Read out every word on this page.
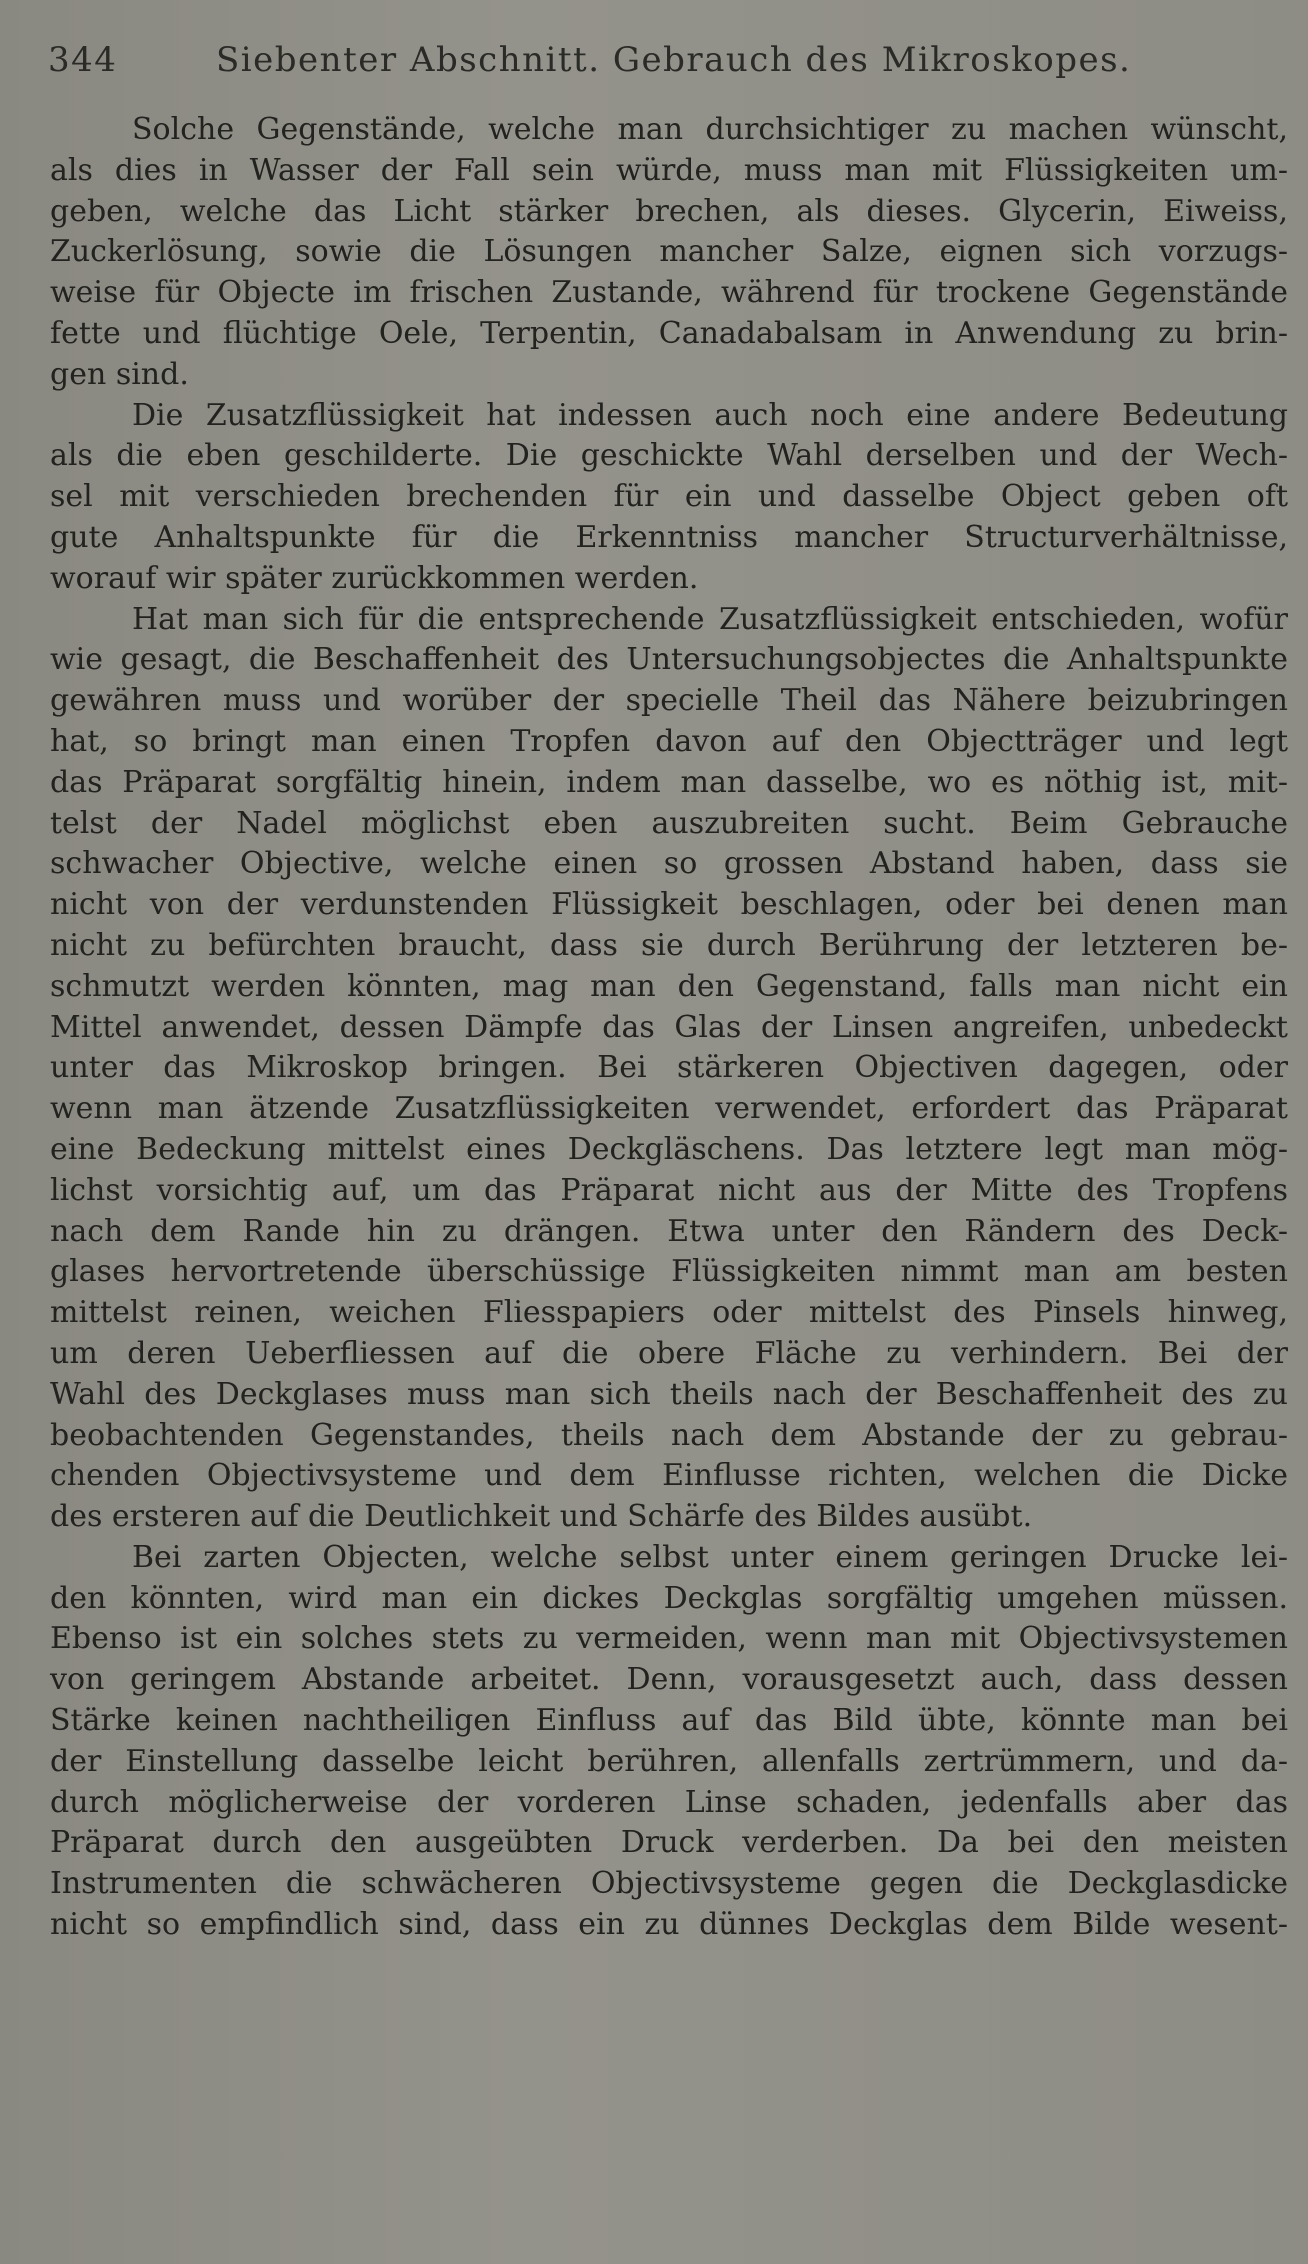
344	Siebenter Abschnitt. Gebrauch des Mikroskopes.
Solche Gegenstände, welche man durchsichtiger zu machen wünscht,
als dies in Wasser der Fall sein würde, muss man mit Flüssigkeiten um-
geben, welche das Licht stärker brechen, als dieses. Glycerin, Eiweiss,
Zuckerlösung, sowie die Lösungen mancher Salze, eignen sich vorzugs-
weise für Objecte im frischen Zustande, während für trockene Gegenstände
fette und flüchtige Oele, Terpentin, Canadabalsam in Anwendung zu brin-
gen sind.
Die Zusatzflüssigkeit hat indessen auch noch eine andere Bedeutung
als die eben geschilderte. Die geschickte Wahl derselben und der Wech-
sel mit verschieden brechenden für ein und dasselbe Object geben oft
gute Anhaltspunkte für die Erkenntniss mancher Structurverhältnisse,
worauf wir später zurückkommen werden.
Hat man sich für die entsprechende Zusatzflüssigkeit entschieden, wofür
wie gesagt, die Beschaffenheit des Untersuchungsobjectes die Anhaltspunkte
gewähren muss und worüber der specielle Theil das Nähere beizubringen
hat, so bringt man einen Tropfen davon auf den Objectträger und legt
das Präparat sorgfältig hinein, indem man dasselbe, wo es nöthig ist, mit-
telst der Nadel möglichst eben auszubreiten sucht. Beim Gebrauche
schwacher Objective, welche einen so grossen Abstand haben, dass sie
nicht von der verdunstenden Flüssigkeit beschlagen, oder bei denen man
nicht zu befürchten braucht, dass sie durch Berührung der letzteren be-
schmutzt werden könnten, mag man den Gegenstand, falls man nicht ein
Mittel anwendet, dessen Dämpfe das Glas der Linsen angreifen, unbedeckt
unter das Mikroskop bringen. Bei stärkeren Objectiven dagegen, oder
wenn man ätzende Zusatzflüssigkeiten verwendet, erfordert das Präparat
eine Bedeckung mittelst eines Deckgläschens. Das letztere legt man mög-
lichst vorsichtig auf, um das Präparat nicht aus der Mitte des Tropfens
nach dem Rande hin zu drängen. Etwa unter den Rändern des Deck-
glases hervortretende überschüssige Flüssigkeiten nimmt man am besten
mittelst reinen, weichen Fliesspapiers oder mittelst des Pinsels hinweg,
um deren Ueberfliessen auf die obere Fläche zu verhindern. Bei der
Wahl des Deckglases muss man sich theils nach der Beschaffenheit des zu
beobachtenden Gegenstandes, theils nach dem Abstande der zu gebrau-
chenden Objectivsysteme und dem Einflusse richten, welchen die Dicke
des ersteren auf die Deutlichkeit und Schärfe des Bildes ausübt.
Bei zarten Objecten, welche selbst unter einem geringen Drucke lei-
den könnten, wird man ein dickes Deckglas sorgfältig umgehen müssen.
Ebenso ist ein solches stets zu vermeiden, wenn man mit Objectivsystemen
von geringem Abstande arbeitet. Denn, vorausgesetzt auch, dass dessen
Stärke keinen nachtheiligen Einfluss auf das Bild übte, könnte man bei
der Einstellung dasselbe leicht berühren, allenfalls zertrümmern, und da-
durch möglicherweise der vorderen Linse schaden, jedenfalls aber das
Präparat durch den ausgeübten Druck verderben. Da bei den meisten
Instrumenten die schwächeren Objectivsysteme gegen die Deckglasdicke
nicht so empfindlich sind, dass ein zu dünnes Deckglas dem Bilde wesent-
